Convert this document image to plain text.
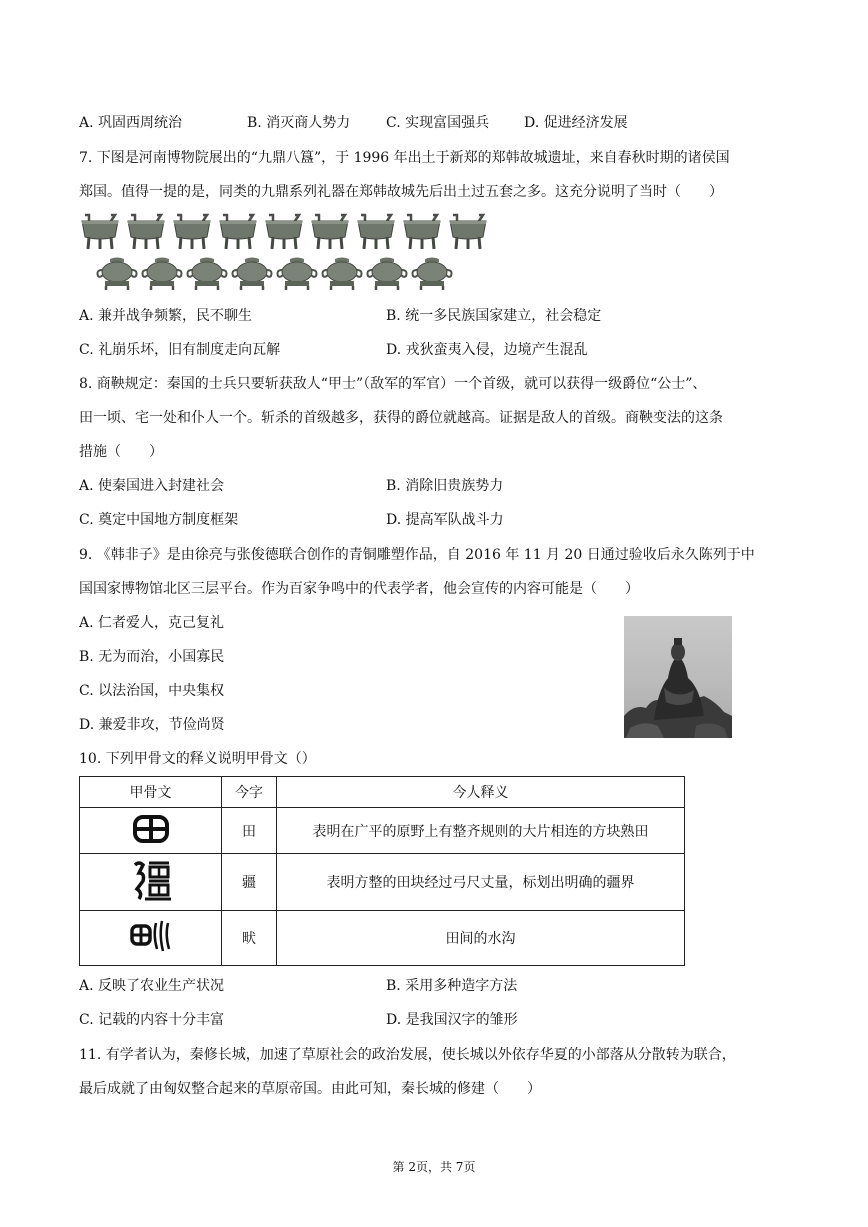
A. 巩固西周统治	B. 消灭商人势力	C. 实现富国强兵 D. 促进经济发展
7. 下图是河南博物院展出的“九鼎八簋”，于 1996 年出土于新郑的郑韩故城遗址，来自春秋时期的诸侯国
郑国。值得一提的是，同类的九鼎系列礼器在郑韩故城先后出土过五套之多。这充分说明了当时（　　）
A. 兼并战争频繁，民不聊生	B. 统一多民族国家建立，社会稳定
C. 礼崩乐坏，旧有制度走向瓦解	D. 戎狄蛮夷入侵，边境产生混乱
8. 商鞅规定：秦国的士兵只要斩获敌人“甲士”（敌军的军官）一个首级，就可以获得一级爵位“公士”、
田一顷、宅一处和仆人一个。斩杀的首级越多，获得的爵位就越高。证据是敌人的首级。商鞅变法的这条
措施（　　）
A. 使秦国进入封建社会	B. 消除旧贵族势力
C. 奠定中国地方制度框架	D. 提高军队战斗力
9. 《韩非子》是由徐亮与张俊德联合创作的青铜雕塑作品，自 2016 年 11 月 20 日通过验收后永久陈列于中
国国家博物馆北区三层平台。作为百家争鸣中的代表学者，他会宣传的内容可能是（　　）
A. 仁者爱人，克己复礼
B. 无为而治，小国寡民
C. 以法治国，中央集权
D. 兼爱非攻，节俭尚贤
10. 下列甲骨文的释义说明甲骨文（）
甲骨文	今字	今人释义
	田	表明在广平的原野上有整齐规则的大片相连的方块熟田
	疆	表明方整的田块经过弓尺丈量，标划出明确的疆界
	畎	田间的水沟
A. 反映了农业生产状况	B. 采用多种造字方法
C. 记载的内容十分丰富	D. 是我国汉字的雏形
11. 有学者认为，秦修长城，加速了草原社会的政治发展，使长城以外依存华夏的小部落从分散转为联合，
最后成就了由匈奴整合起来的草原帝国。由此可知，秦长城的修建（　　）
第 2页，共 7页
